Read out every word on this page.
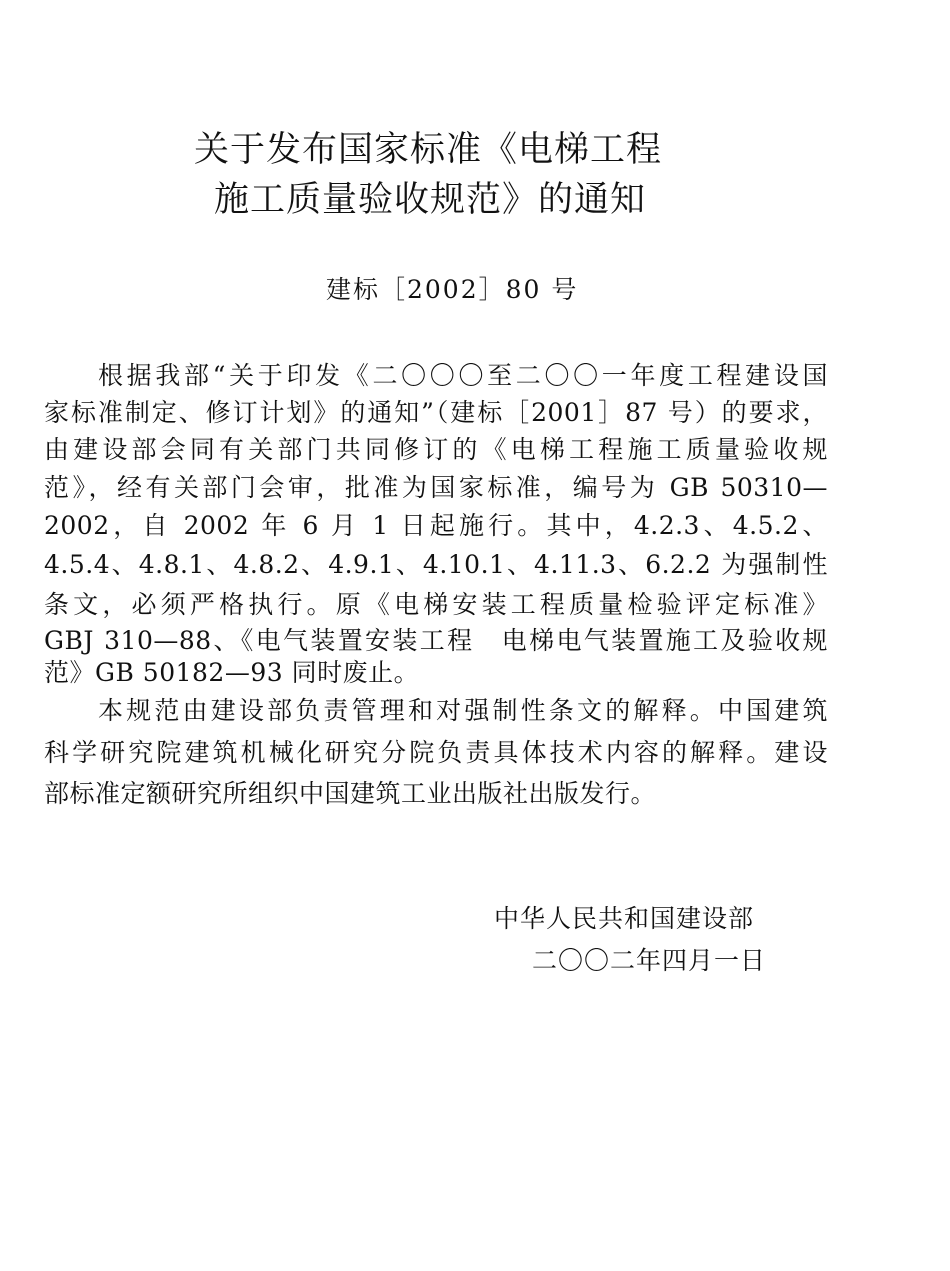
关于发布国家标准《电梯工程
施工质量验收规范》的通知
建标［2002］80 号
根据我部“关于印发《二〇〇〇至二〇〇一年度工程建设国
家标准制定、修订计划》的通知”（建标［2001］87 号）的要求，
由建设部会同有关部门共同修订的《电梯工程施工质量验收规
范》，经有关部门会审，批准为国家标准，编号为 GB 50310—
2002，自 2002 年 6 月 1 日起施行。其中，4.2.3、4.5.2、
4.5.4、4.8.1、4.8.2、4.9.1、4.10.1、4.11.3、6.2.2 为强制性
条文，必须严格执行。原《电梯安装工程质量检验评定标准》
GBJ 310—88、《电气装置安装工程　电梯电气装置施工及验收规
范》GB 50182—93 同时废止。
本规范由建设部负责管理和对强制性条文的解释。中国建筑
科学研究院建筑机械化研究分院负责具体技术内容的解释。建设
部标准定额研究所组织中国建筑工业出版社出版发行。
中华人民共和国建设部
二〇〇二年四月一日
